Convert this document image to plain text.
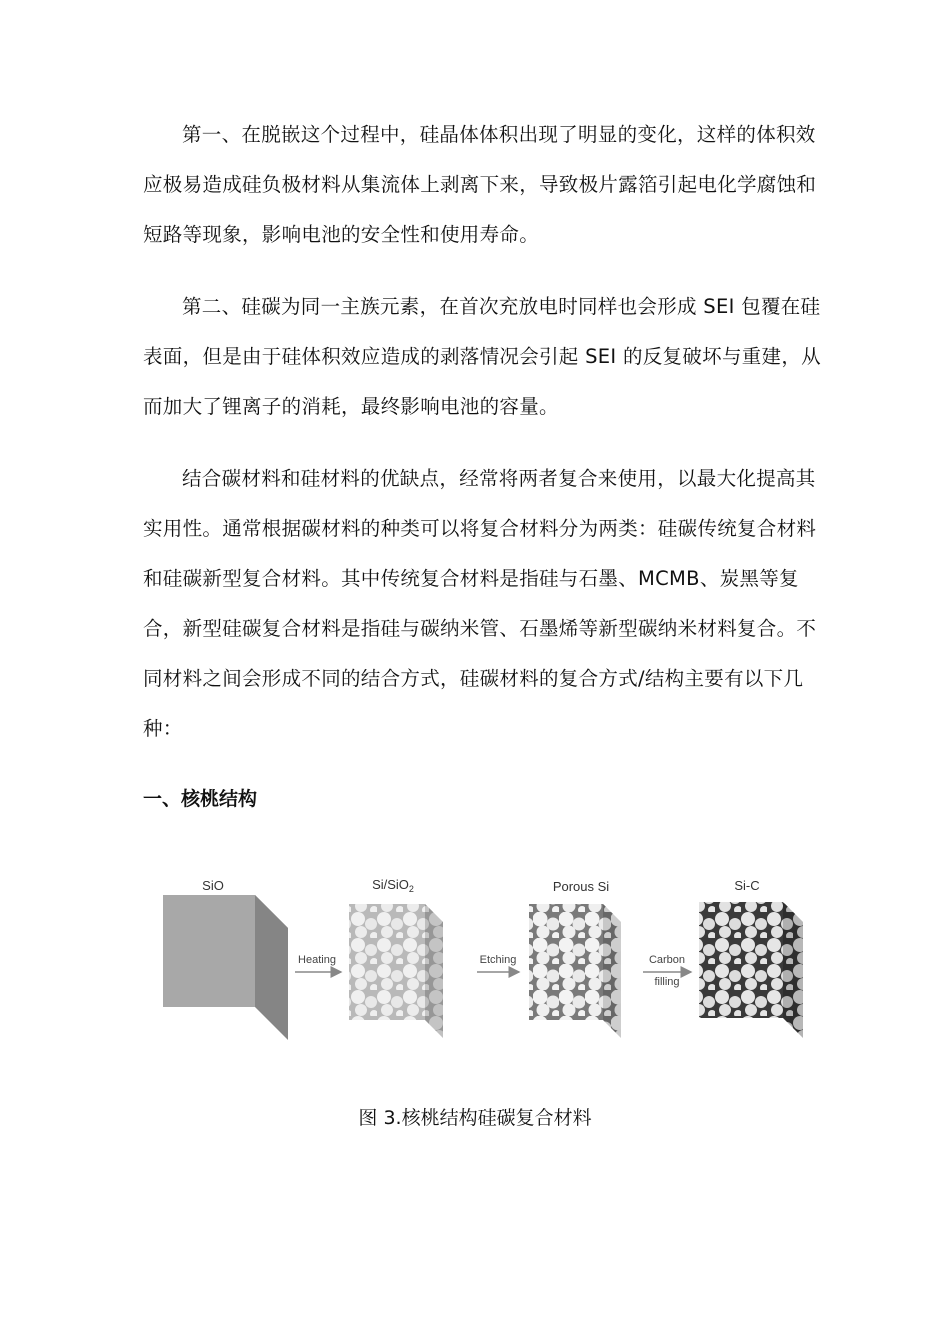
第一、在脱嵌这个过程中，硅晶体体积出现了明显的变化，这样的体积效
应极易造成硅负极材料从集流体上剥离下来，导致极片露箔引起电化学腐蚀和
短路等现象，影响电池的安全性和使用寿命。

第二、硅碳为同一主族元素，在首次充放电时同样也会形成 SEI 包覆在硅
表面，但是由于硅体积效应造成的剥落情况会引起 SEI 的反复破坏与重建，从
而加大了锂离子的消耗，最终影响电池的容量。

结合碳材料和硅材料的优缺点，经常将两者复合来使用，以最大化提高其
实用性。通常根据碳材料的种类可以将复合材料分为两类：硅碳传统复合材料
和硅碳新型复合材料。其中传统复合材料是指硅与石墨、MCMB、炭黑等复
合，新型硅碳复合材料是指硅与碳纳米管、石墨烯等新型碳纳米材料复合。不
同材料之间会形成不同的结合方式，硅碳材料的复合方式/结构主要有以下几
种：

一、核桃结构
SiO
Heating
Si/SiO$_2$
Etching
Porous Si
Carbon
filling
Si-C
图 3.核桃结构硅碳复合材料
